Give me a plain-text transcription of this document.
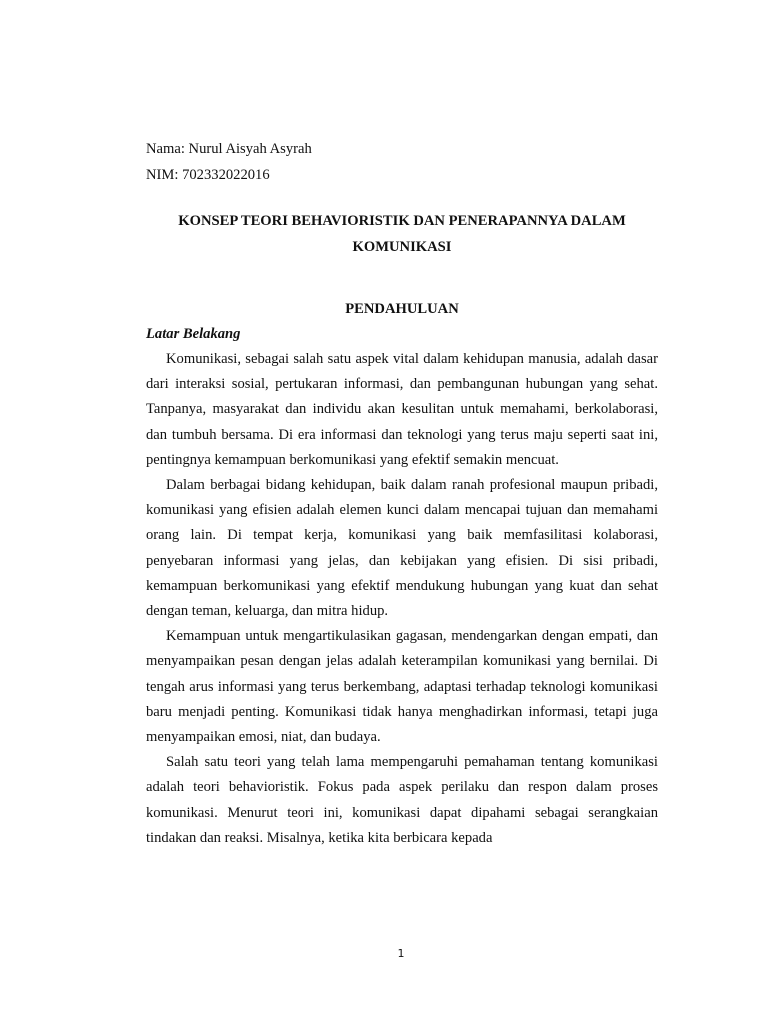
Nama: Nurul Aisyah Asyrah
NIM: 702332022016
KONSEP TEORI BEHAVIORISTIK DAN PENERAPANNYA DALAM KOMUNIKASI
PENDAHULUAN
Latar Belakang

Komunikasi, sebagai salah satu aspek vital dalam kehidupan manusia, adalah dasar dari interaksi sosial, pertukaran informasi, dan pembangunan hubungan yang sehat. Tanpanya, masyarakat dan individu akan kesulitan untuk memahami, berkolaborasi, dan tumbuh bersama. Di era informasi dan teknologi yang terus maju seperti saat ini, pentingnya kemampuan berkomunikasi yang efektif semakin mencuat.

Dalam berbagai bidang kehidupan, baik dalam ranah profesional maupun pribadi, komunikasi yang efisien adalah elemen kunci dalam mencapai tujuan dan memahami orang lain. Di tempat kerja, komunikasi yang baik memfasilitasi kolaborasi, penyebaran informasi yang jelas, dan kebijakan yang efisien. Di sisi pribadi, kemampuan berkomunikasi yang efektif mendukung hubungan yang kuat dan sehat dengan teman, keluarga, dan mitra hidup.

Kemampuan untuk mengartikulasikan gagasan, mendengarkan dengan empati, dan menyampaikan pesan dengan jelas adalah keterampilan komunikasi yang bernilai. Di tengah arus informasi yang terus berkembang, adaptasi terhadap teknologi komunikasi baru menjadi penting. Komunikasi tidak hanya menghadirkan informasi, tetapi juga menyampaikan emosi, niat, dan budaya.

Salah satu teori yang telah lama mempengaruhi pemahaman tentang komunikasi adalah teori behavioristik. Fokus pada aspek perilaku dan respon dalam proses komunikasi. Menurut teori ini, komunikasi dapat dipahami sebagai serangkaian tindakan dan reaksi. Misalnya, ketika kita berbicara kepada

1
